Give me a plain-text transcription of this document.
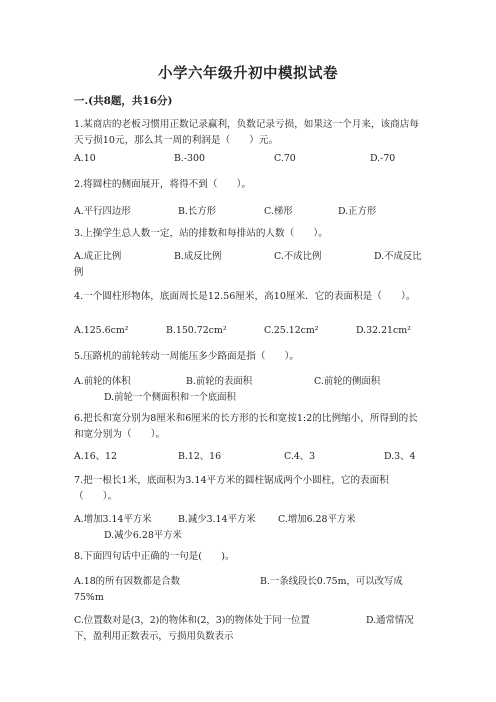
小学六年级升初中模拟试卷
一.(共8题，共16分)
1.某商店的老板习惯用正数记录赢利，负数记录亏损，如果这一个月来，该商店每天亏损10元，那么其一周的利润是（　　）元。
A.10	B.-300	C.70	D.-70
2.将圆柱的侧面展开，将得不到（　　）。
A.平行四边形	B.长方形	C.梯形	D.正方形
3.上操学生总人数一定，站的排数和每排站的人数（　　）。
A.成正比例	B.成反比例	C.不成比例	D.不成反比例
4.一个圆柱形物体，底面周长是12.56厘米，高10厘米．它的表面积是（　　）。
A.125.6cm²	B.150.72cm²	C.25.12cm²	D.32.21cm²
5.压路机的前轮转动一周能压多少路面是指（　　）。
A.前轮的体积	B.前轮的表面积	C.前轮的侧面积
D.前轮一个侧面积和一个底面积
6.把长和宽分别为8厘米和6厘米的长方形的长和宽按1:2的比例缩小，所得到的长和宽分别为（　　）。
A.16、12	B.12、16	C.4、3	D.3、4
7.把一根长1米，底面积为3.14平方米的圆柱锯成两个小圆柱，它的表面积（　　）。
A.增加3.14平方米	B.减少3.14平方米 C.增加6.28平方米
D.减少6.28平方米
8.下面四句话中正确的一句是(　　)。
A.18的所有因数都是合数	B.一条线段长0.75m，可以改写成75%m
C.位置数对是(3，2)的物体和(2，3)的物体处于同一位置	D.通常情况下，盈利用正数表示，亏损用负数表示
